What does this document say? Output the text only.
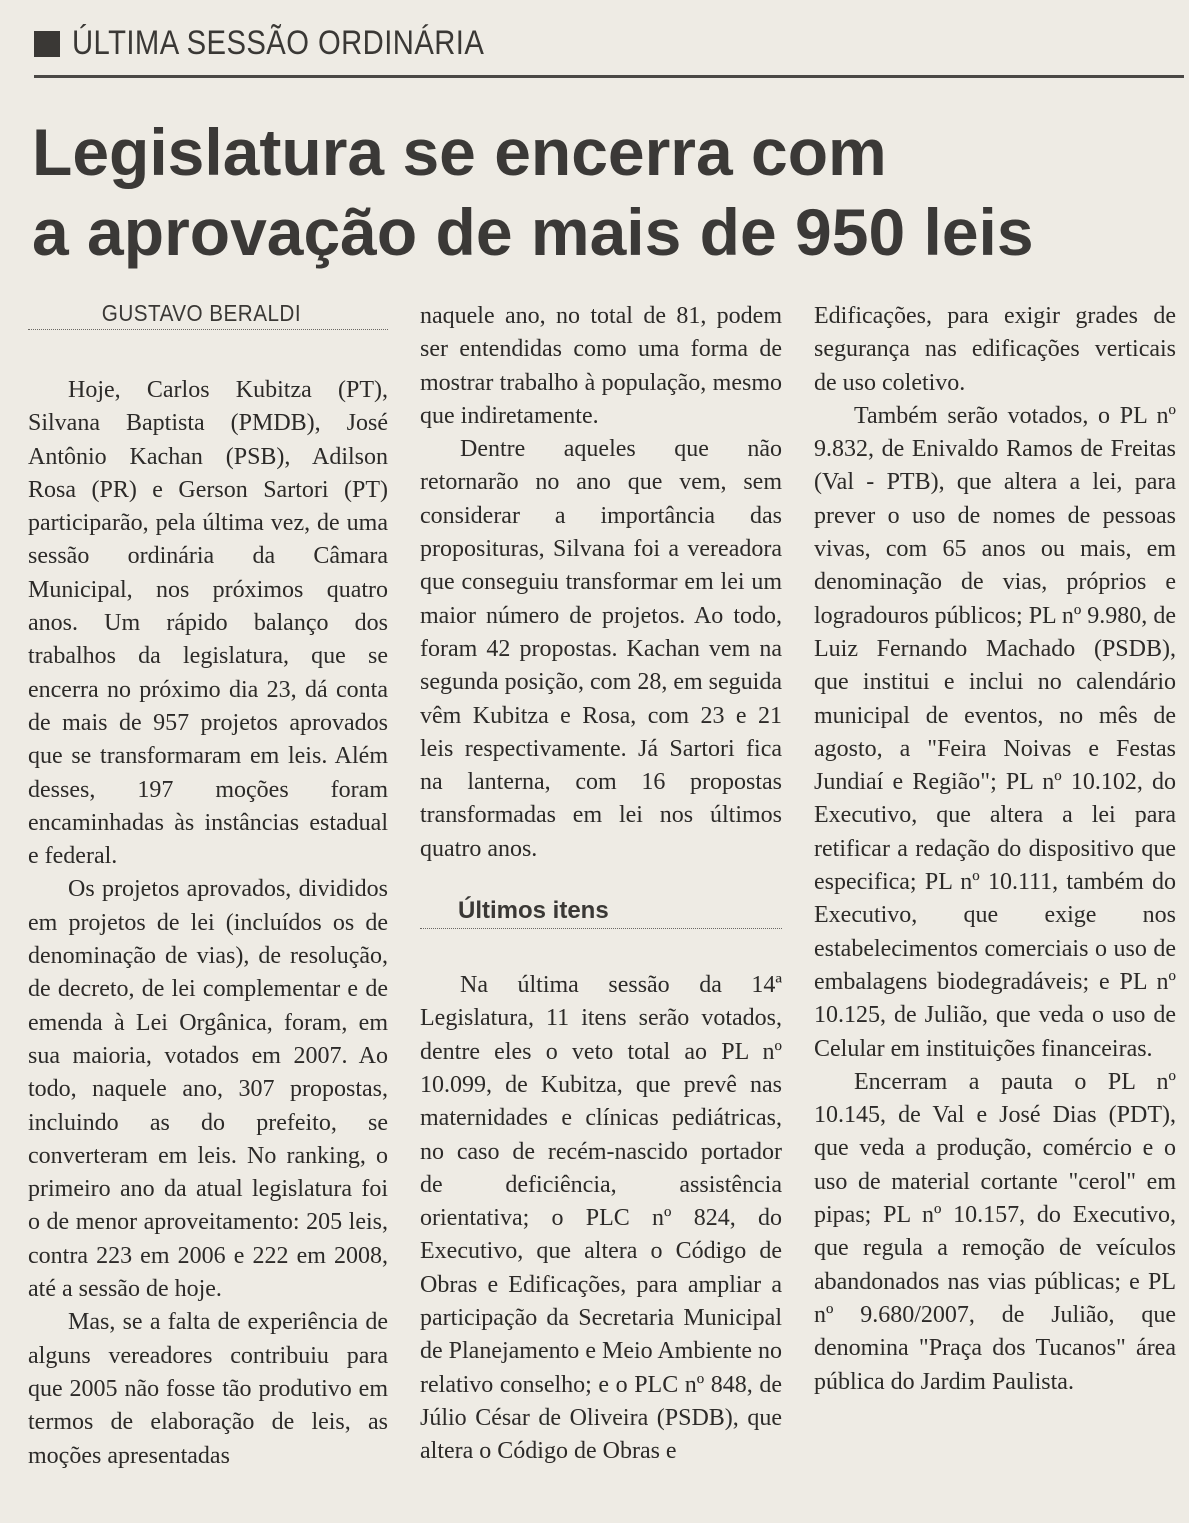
ÚLTIMA SESSÃO ORDINÁRIA
Legislatura se encerra com
a aprovação de mais de 950 leis
GUSTAVO BERALDI

Hoje, Carlos Kubitza (PT), Silvana Baptista (PMDB), José Antônio Kachan (PSB), Adilson Rosa (PR) e Gerson Sartori (PT) participarão, pela última vez, de uma sessão ordinária da Câmara Municipal, nos próximos quatro anos. Um rápido balanço dos trabalhos da legislatura, que se encerra no próximo dia 23, dá conta de mais de 957 projetos aprovados que se transformaram em leis. Além desses, 197 moções foram encaminhadas às instâncias estadual e federal.

Os projetos aprovados, divididos em projetos de lei (incluídos os de denominação de vias), de resolução, de decreto, de lei complementar e de emenda à Lei Orgânica, foram, em sua maioria, votados em 2007. Ao todo, naquele ano, 307 propostas, incluindo as do prefeito, se converteram em leis. No ranking, o primeiro ano da atual legislatura foi o de menor aproveitamento: 205 leis, contra 223 em 2006 e 222 em 2008, até a sessão de hoje.

Mas, se a falta de experiência de alguns vereadores contribuiu para que 2005 não fosse tão produtivo em termos de elaboração de leis, as moções apresentadas

naquele ano, no total de 81, podem ser entendidas como uma forma de mostrar trabalho à população, mesmo que indiretamente.

Dentre aqueles que não retornarão no ano que vem, sem considerar a importância das proposituras, Silvana foi a vereadora que conseguiu transformar em lei um maior número de projetos. Ao todo, foram 42 propostas. Kachan vem na segunda posição, com 28, em seguida vêm Kubitza e Rosa, com 23 e 21 leis respectivamente. Já Sartori fica na lanterna, com 16 propostas transformadas em lei nos últimos quatro anos.

Últimos itens

Na última sessão da 14ª Legislatura, 11 itens serão votados, dentre eles o veto total ao PL nº 10.099, de Kubitza, que prevê nas maternidades e clínicas pediátricas, no caso de recém-nascido portador de deficiência, assistência orientativa; o PLC nº 824, do Executivo, que altera o Código de Obras e Edificações, para ampliar a participação da Secretaria Municipal de Planejamento e Meio Ambiente no relativo conselho; e o PLC nº 848, de Júlio César de Oliveira (PSDB), que altera o Código de Obras e

Edificações, para exigir grades de segurança nas edificações verticais de uso coletivo.

Também serão votados, o PL nº 9.832, de Enivaldo Ramos de Freitas (Val - PTB), que altera a lei, para prever o uso de nomes de pessoas vivas, com 65 anos ou mais, em denominação de vias, próprios e logradouros públicos; PL nº 9.980, de Luiz Fernando Machado (PSDB), que institui e inclui no calendário municipal de eventos, no mês de agosto, a "Feira Noivas e Festas Jundiaí e Região"; PL nº 10.102, do Executivo, que altera a lei para retificar a redação do dispositivo que especifica; PL nº 10.111, também do Executivo, que exige nos estabelecimentos comerciais o uso de embalagens biodegradáveis; e PL nº 10.125, de Julião, que veda o uso de Celular em instituições financeiras.

Encerram a pauta o PL nº 10.145, de Val e José Dias (PDT), que veda a produção, comércio e o uso de material cortante "cerol" em pipas; PL nº 10.157, do Executivo, que regula a remoção de veículos abandonados nas vias públicas; e PL nº 9.680/2007, de Julião, que denomina "Praça dos Tucanos" área pública do Jardim Paulista.
